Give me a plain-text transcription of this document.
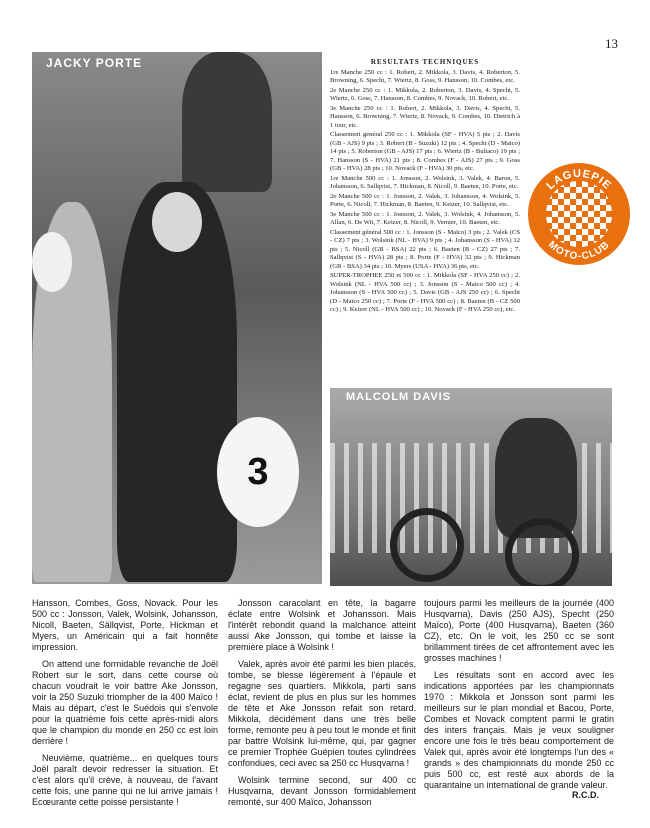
13
3
JACKY PORTE	RESULTATS TECHNIQUES

1re Manche 250 cc : 1. Robert, 2. Mikkola, 3. Davis, 4. Roberton, 5. Browning, 6. Specht, 7. Wiertz, 8. Goss, 9. Hansson, 10. Combes, etc.

2e Manche 250 cc : 1. Mikkola, 2. Roberton, 3. Davis, 4. Specht, 5. Wiertz, 6. Goss, 7. Hansson, 8. Combes, 9. Novack, 10. Robert, etc.

3e Manche 250 cc : 1. Robert, 2. Mikkola, 3. Davis, 4. Specht, 5. Hansson, 6. Browning, 7. Wiertz, 8. Novack, 9. Combes, 10. Dietrich à 1 tour, etc.

Classement général 250 cc : 1. Mikkola (SF - HVA) 5 pts ; 2. Davis (GB - AJS) 9 pts ; 3. Robert (B - Suzuki) 12 pts ; 4. Specht (D - Maïco) 14 pts ; 5. Roberton (GB - AJS) 17 pts ; 6. Wiertz (B - Bultaco) 19 pts ; 7. Hansson (S - HVA) 21 pts ; 8. Combes (F - AJS) 27 pts ; 9. Goss (GB - HVA) 28 pts ; 10. Novack (F - HVA) 30 pts, etc.

1re Manche 500 cc : 1. Jonsson, 2. Wolsink, 3. Valek, 4. Baron, 5. Johansson, 6. Sallqvist, 7. Hickman, 8. Nicoll, 9. Baeten, 10. Porte, etc.

2e Manche 500 cc : 1. Jonsson, 2. Valek, 3. Johansson, 4. Wolsink, 5. Porte, 6. Nicoll, 7. Hickman, 8. Baeten, 9. Keizer, 10. Sallqvist, etc.

3e Manche 500 cc : 1. Jonsson, 2. Valek, 3. Wolsink, 4. Johansson, 5. Allan, 6. De Wit, 7. Keizer, 8. Nicoll, 9. Vernier, 10. Baeten, etc.

Classement général 500 cc : 1. Jonsson (S - Maïco) 3 pts ; 2. Valek (CS - CZ) 7 pts ; 3. Wolsink (NL - HVA) 9 pts ; 4. Johansson (S - HVA) 12 pts ; 5. Nicoll (GB - BSA) 22 pts ; 6. Baeten (B - CZ) 27 pts ; 7. Sallqvist (S - HVA) 28 pts ; 8. Porte (F - HVA) 32 pts ; 9. Hickman (GB - BSA) 34 pts ; 10. Myers (USA - HVA) 36 pts, etc.

SUPER-TROPHEE 250 et 500 cc : 1. Mikkola (SF - HVA 250 cc) ; 2. Wolsink (NL - HVA 500 cc) ; 3. Jonsson (S - Maïco 500 cc) ; 4. Johansson (S - HVA 500 cc) ; 5. Davis (GB - AJS 250 cc) ; 6. Specht (D - Maïco 250 cc) ; 7. Porte (F - HVA 500 cc) ; 8. Baeten (B - CZ 500 cc) ; 9. Keizer (NL - HVA 500 cc) ; 10. Novack (F - HVA 250 cc), etc.

LAGUEPIE
MOTO-CLUB
MALCOLM DAVIS

Hansson, Combes, Goss, Novack. Pour les 500 cc : Jonsson, Valek, Wolsink, Johansson, Nicoll, Baeten, Sällqvist, Porte, Hickman et Myers, un Américain qui a fait honnête impression.

On attend une formidable revanche de Joël Robert sur le sort, dans cette course où chacun voudrait le voir battre Ake Jonsson, voir la 250 Suzuki triompher de la 400 Maïco ! Mais au départ, c'est le Suédois qui s'envole pour la quatrième fois cette après-midi alors que le champion du monde en 250 cc est loin derrière !

Neuvième, quatrième... en quelques tours Joël paraît devoir redresser la situation. Et c'est alors qu'il crève, à nouveau, de l'avant cette fois, une panne qui ne lui arrive jamais ! Ecœurante cette poisse persistante !

Jonsson caracolant en tête, la bagarre éclate entre Wolsink et Johansson. Mais l'intérêt rebondit quand la malchance atteint aussi Ake Jonsson, qui tombe et laisse la première place à Wolsink !

Valek, après avoir été parmi les bien placés, tombe, se blesse légèrement à l'épaule et regagne ses quartiers. Mikkola, parti sans éclat, revient de plus en plus sur les hommes de tête et Ake Jonsson refait son retard. Mikkola, décidément dans une très belle forme, remonte peu à peu tout le monde et finit par battre Wolsink lui-même, qui, par gagner ce premier Trophée Guépien toutes cylindrées confondues, ceci avec sa 250 cc Husqvarna !

Wolsink termine second, sur 400 cc Husqvarna, devant Jonsson formidablement remonté, sur 400 Maïco, Johansson

toujours parmi les meilleurs de la journée (400 Husqvarna), Davis (250 AJS), Specht (250 Maïco), Porte (400 Husqvarna), Baeten (360 CZ), etc. On le voit, les 250 cc se sont brillamment tirées de cet affrontement avec les grosses machines !

Les résultats sont en accord avec les indications apportées par les championnats 1970 : Mikkola et Jonsson sont parmi les meilleurs sur le plan mondial et Bacou, Porte, Combes et Novack comptent parmi le gratin des inters français. Mais je veux souligner encore une fois le très beau comportement de Valek qui, après avoir été longtemps l'un des « grands » des championnats du monde 250 cc puis 500 cc, est resté aux abords de la quarantaine un international de grande valeur.

R.C.D.
